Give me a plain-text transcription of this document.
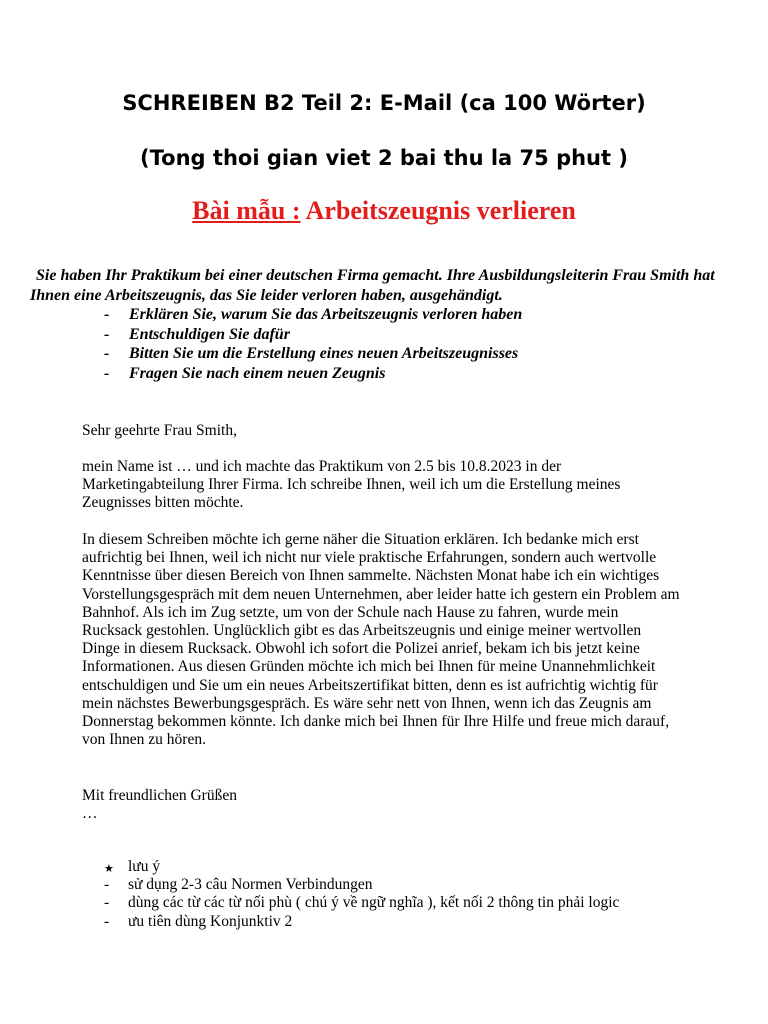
SCHREIBEN B2 Teil 2: E-Mail (ca 100 Wörter)
(Tong thoi gian viet 2 bai thu la 75 phut )
Bài mẫu : Arbeitszeugnis verlieren

Sie haben Ihr Praktikum bei einer deutschen Firma gemacht. Ihre Ausbildungsleiterin Frau Smith hat Ihnen eine Arbeitszeugnis, das Sie leider verloren haben, ausgehändigt.

- Erklären Sie, warum Sie das Arbeitszeugnis verloren haben
- Entschuldigen Sie dafür
- Bitten Sie um die Erstellung eines neuen Arbeitszeugnisses
- Fragen Sie nach einem neuen Zeugnis

Sehr geehrte Frau Smith,

mein Name ist … und ich machte das Praktikum von 2.5 bis 10.8.2023 in der Marketingabteilung Ihrer Firma. Ich schreibe Ihnen, weil ich um die Erstellung meines Zeugnisses bitten möchte.

In diesem Schreiben möchte ich gerne näher die Situation erklären. Ich bedanke mich erst aufrichtig bei Ihnen, weil ich nicht nur viele praktische Erfahrungen, sondern auch wertvolle Kenntnisse über diesen Bereich von Ihnen sammelte. Nächsten Monat habe ich ein wichtiges Vorstellungsgespräch mit dem neuen Unternehmen, aber leider hatte ich gestern ein Problem am Bahnhof. Als ich im Zug setzte, um von der Schule nach Hause zu fahren, wurde mein Rucksack gestohlen. Unglücklich gibt es das Arbeitszeugnis und einige meiner wertvollen Dinge in diesem Rucksack. Obwohl ich sofort die Polizei anrief, bekam ich bis jetzt keine Informationen. Aus diesen Gründen möchte ich mich bei Ihnen für meine Unannehmlichkeit entschuldigen und Sie um ein neues Arbeitszertifikat bitten, denn es ist aufrichtig wichtig für mein nächstes Bewerbungsgespräch. Es wäre sehr nett von Ihnen, wenn ich das Zeugnis am Donnerstag bekommen könnte. Ich danke mich bei Ihnen für Ihre Hilfe und freue mich darauf, von Ihnen zu hören.

Mit freundlichen Grüßen

…

★ lưu ý
- sử dụng 2-3 câu Normen Verbindungen
- dùng các từ các từ nối phù ( chú ý về ngữ nghĩa ), kết nối 2 thông tin phải logic
- ưu tiên dùng Konjunktiv 2
